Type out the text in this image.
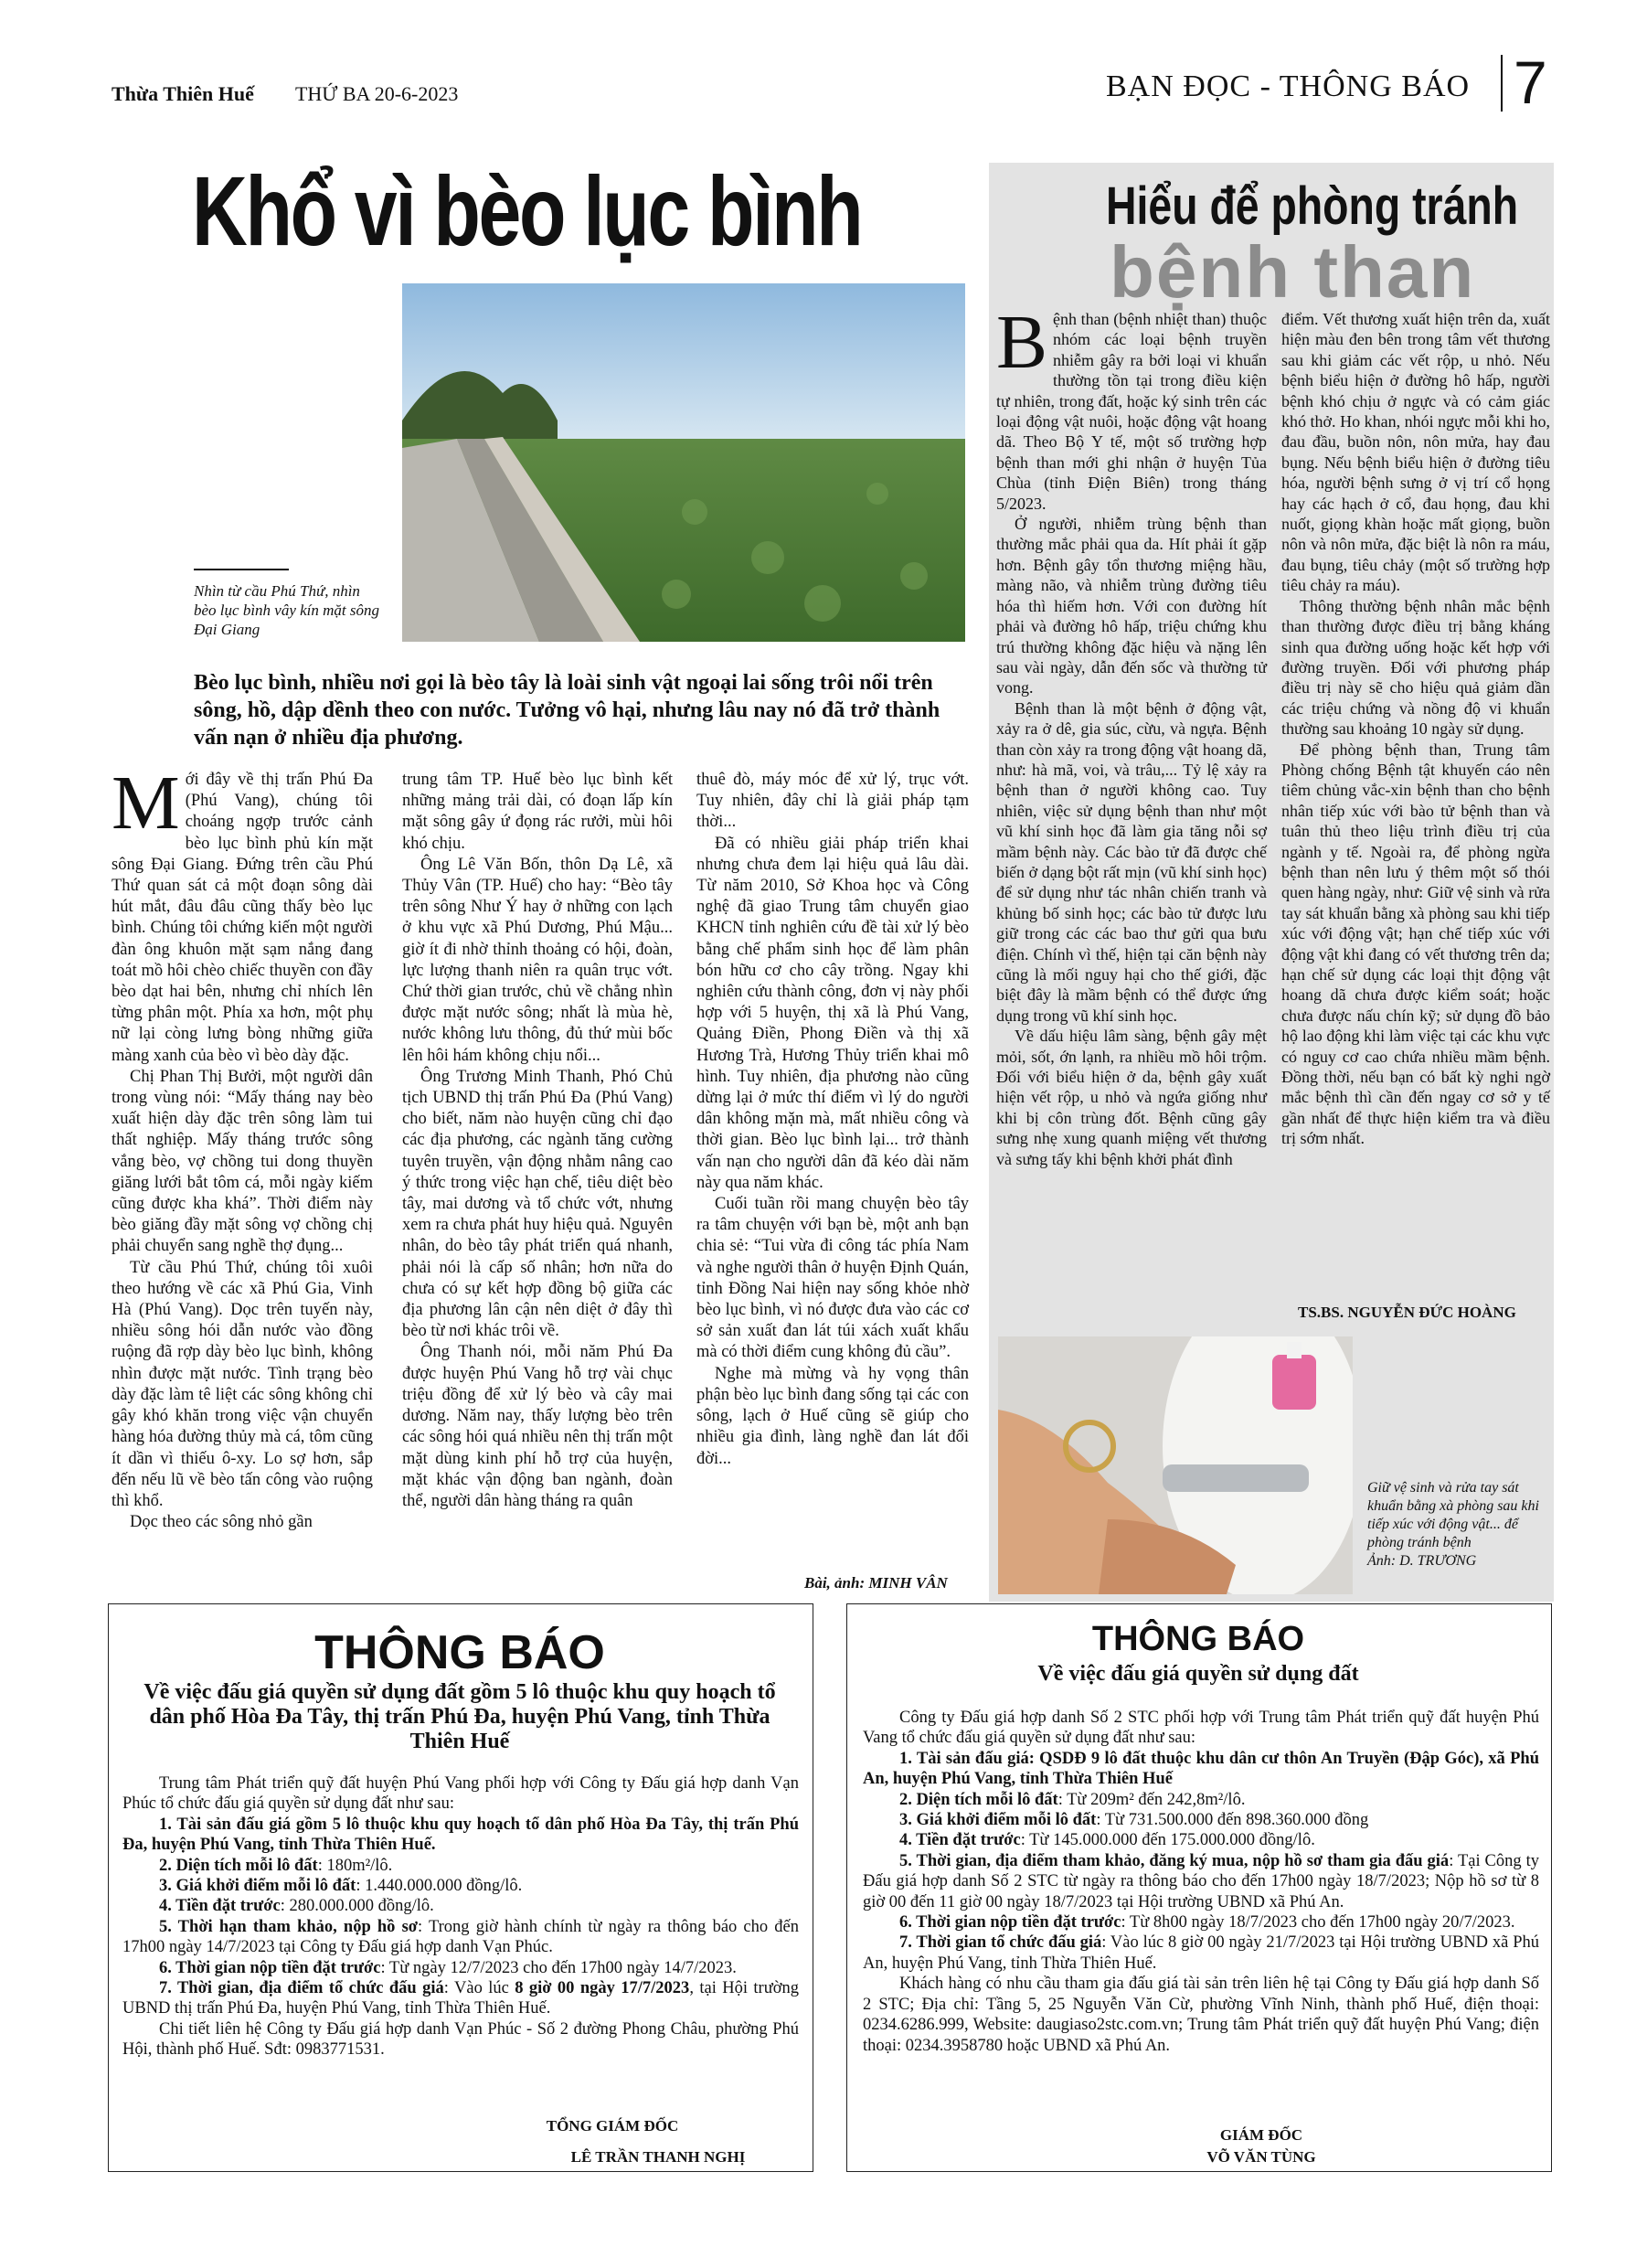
Thừa Thiên Huế THỨ BA 20-6-2023	BẠN ĐỌC - THÔNG BÁO 7
Khổ vì bèo lục bình
Nhìn từ cầu Phú Thứ, nhìn bèo lục bình vây kín mặt sông Đại Giang
Bèo lục bình, nhiều nơi gọi là bèo tây là loài sinh vật ngoại lai sống trôi nổi trên sông, hồ, dập dềnh theo con nước. Tưởng vô hại, nhưng lâu nay nó đã trở thành vấn nạn ở nhiều địa phương.

Mới đây về thị trấn Phú Đa (Phú Vang), chúng tôi choáng ngợp trước cảnh bèo lục bình phủ kín mặt sông Đại Giang. Đứng trên cầu Phú Thứ quan sát cả một đoạn sông dài hút mắt, đâu đâu cũng thấy bèo lục bình. Chúng tôi chứng kiến một người đàn ông khuôn mặt sạm nắng đang toát mồ hôi chèo chiếc thuyền con đầy bèo dạt hai bên, nhưng chỉ nhích lên từng phân một. Phía xa hơn, một phụ nữ lại còng lưng bòng những giữa màng xanh của bèo vì bèo dày đặc.

Chị Phan Thị Bưởi, một người dân trong vùng nói: “Mấy tháng nay bèo xuất hiện dày đặc trên sông làm tui thất nghiệp. Mấy tháng trước sông vắng bèo, vợ chồng tui dong thuyền giăng lưới bắt tôm cá, mỗi ngày kiếm cũng được kha khá”. Thời điểm này bèo giăng đầy mặt sông vợ chồng chị phải chuyển sang nghề thợ đụng...

Từ cầu Phú Thứ, chúng tôi xuôi theo hướng về các xã Phú Gia, Vinh Hà (Phú Vang). Dọc trên tuyến này, nhiều sông hói dẫn nước vào đồng ruộng đã rợp dày bèo lục bình, không nhìn được mặt nước. Tình trạng bèo dày đặc làm tê liệt các sông không chỉ gây khó khăn trong việc vận chuyển hàng hóa đường thủy mà cá, tôm cũng ít dần vì thiếu ô-xy. Lo sợ hơn, sắp đến nếu lũ về bèo tấn công vào ruộng thì khổ.

Dọc theo các sông nhỏ gần

trung tâm TP. Huế bèo lục bình kết những mảng trải dài, có đoạn lấp kín mặt sông gây ứ đọng rác rưởi, mùi hôi khó chịu.

Ông Lê Văn Bốn, thôn Dạ Lê, xã Thủy Vân (TP. Huế) cho hay: “Bèo tây trên sông Như Ý hay ở những con lạch ở khu vực xã Phú Dương, Phú Mậu... giờ ít đi nhờ thỉnh thoảng có hội, đoàn, lực lượng thanh niên ra quân trục vớt. Chứ thời gian trước, chủ về chẳng nhìn được mặt nước sông; nhất là mùa hè, nước không lưu thông, đủ thứ mùi bốc lên hôi hám không chịu nổi...

Ông Trương Minh Thanh, Phó Chủ tịch UBND thị trấn Phú Đa (Phú Vang) cho biết, năm nào huyện cũng chỉ đạo các địa phương, các ngành tăng cường tuyên truyền, vận động nhằm nâng cao ý thức trong việc hạn chế, tiêu diệt bèo tây, mai dương và tổ chức vớt, nhưng xem ra chưa phát huy hiệu quả. Nguyên nhân, do bèo tây phát triển quá nhanh, phải nói là cấp số nhân; hơn nữa do chưa có sự kết hợp đồng bộ giữa các địa phương lân cận nên diệt ở đây thì bèo từ nơi khác trôi về.

Ông Thanh nói, mỗi năm Phú Đa được huyện Phú Vang hỗ trợ vài chục triệu đồng để xử lý bèo và cây mai dương. Năm nay, thấy lượng bèo trên các sông hói quá nhiều nên thị trấn một mặt dùng kinh phí hỗ trợ của huyện, mặt khác vận động ban ngành, đoàn thể, người dân hàng tháng ra quân

thuê đò, máy móc để xử lý, trục vớt. Tuy nhiên, đây chỉ là giải pháp tạm thời...

Đã có nhiều giải pháp triển khai nhưng chưa đem lại hiệu quả lâu dài. Từ năm 2010, Sở Khoa học và Công nghệ đã giao Trung tâm chuyển giao KHCN tỉnh nghiên cứu đề tài xử lý bèo bằng chế phẩm sinh học để làm phân bón hữu cơ cho cây trồng. Ngay khi nghiên cứu thành công, đơn vị này phối hợp với 5 huyện, thị xã là Phú Vang, Quảng Điền, Phong Điền và thị xã Hương Trà, Hương Thủy triển khai mô hình. Tuy nhiên, địa phương nào cũng dừng lại ở mức thí điểm vì lý do người dân không mặn mà, mất nhiều công và thời gian. Bèo lục bình lại... trở thành vấn nạn cho người dân đã kéo dài năm này qua năm khác.

Cuối tuần rồi mang chuyện bèo tây ra tâm chuyện với bạn bè, một anh bạn chia sẻ: “Tui vừa đi công tác phía Nam và nghe người thân ở huyện Định Quán, tỉnh Đồng Nai hiện nay sống khỏe nhờ bèo lục bình, vì nó được đưa vào các cơ sở sản xuất đan lát túi xách xuất khẩu mà có thời điểm cung không đủ cầu”.

Nghe mà mừng và hy vọng thân phận bèo lục bình đang sống tại các con sông, lạch ở Huế cũng sẽ giúp cho nhiều gia đình, làng nghề đan lát đổi đời...

Bài, ảnh: MINH VÂN
Hiểu để phòng tránh
bệnh than

Bệnh than (bệnh nhiệt than) thuộc nhóm các loại bệnh truyền nhiễm gây ra bởi loại vi khuẩn thường tồn tại trong điều kiện tự nhiên, trong đất, hoặc ký sinh trên các loại động vật nuôi, hoặc động vật hoang dã. Theo Bộ Y tế, một số trường hợp bệnh than mới ghi nhận ở huyện Tủa Chùa (tỉnh Điện Biên) trong tháng 5/2023.

Ở người, nhiễm trùng bệnh than thường mắc phải qua da. Hít phải ít gặp hơn. Bệnh gây tổn thương miệng hầu, màng não, và nhiễm trùng đường tiêu hóa thì hiếm hơn. Với con đường hít phải và đường hô hấp, triệu chứng khu trú thường không đặc hiệu và nặng lên sau vài ngày, dẫn đến sốc và thường tử vong.

Bệnh than là một bệnh ở động vật, xảy ra ở dê, gia súc, cừu, và ngựa. Bệnh than còn xảy ra trong động vật hoang dã, như: hà mã, voi, và trâu,... Tỷ lệ xảy ra bệnh than ở người không cao. Tuy nhiên, việc sử dụng bệnh than như một vũ khí sinh học đã làm gia tăng nỗi sợ mầm bệnh này. Các bào tử đã được chế biến ở dạng bột rất mịn (vũ khí sinh học) để sử dụng như tác nhân chiến tranh và khủng bố sinh học; các bào tử được lưu giữ trong các các bao thư gửi qua bưu điện. Chính vì thế, hiện tại căn bệnh này cũng là mối nguy hại cho thế giới, đặc biệt đây là mầm bệnh có thể được ứng dụng trong vũ khí sinh học.

Về dấu hiệu lâm sàng, bệnh gây mệt mỏi, sốt, ớn lạnh, ra nhiều mồ hôi trộm. Đối với biểu hiện ở da, bệnh gây xuất hiện vết rộp, u nhỏ và ngứa giống như khi bị côn trùng đốt. Bệnh cũng gây sưng nhẹ xung quanh miệng vết thương và sưng tấy khi bệnh khởi phát đình

điểm. Vết thương xuất hiện trên da, xuất hiện màu đen bên trong tâm vết thương sau khi giảm các vết rộp, u nhỏ. Nếu bệnh biểu hiện ở đường hô hấp, người bệnh khó chịu ở ngực và có cảm giác khó thở. Ho khan, nhói ngực mỗi khi ho, đau đầu, buồn nôn, nôn mửa, hay đau bụng. Nếu bệnh biểu hiện ở đường tiêu hóa, người bệnh sưng ở vị trí cổ họng hay các hạch ở cổ, đau họng, đau khi nuốt, giọng khàn hoặc mất giọng, buồn nôn và nôn mửa, đặc biệt là nôn ra máu, đau bụng, tiêu chảy (một số trường hợp tiêu chảy ra máu).

Thông thường bệnh nhân mắc bệnh than thường được điều trị bằng kháng sinh qua đường uống hoặc kết hợp với đường truyền. Đối với phương pháp điều trị này sẽ cho hiệu quả giảm dần các triệu chứng và nồng độ vi khuẩn thường sau khoảng 10 ngày sử dụng.

Để phòng bệnh than, Trung tâm Phòng chống Bệnh tật khuyến cáo nên tiêm chủng vắc-xin bệnh than cho bệnh nhân tiếp xúc với bào tử bệnh than và tuân thủ theo liệu trình điều trị của ngành y tế. Ngoài ra, để phòng ngừa bệnh than nên lưu ý thêm một số thói quen hàng ngày, như: Giữ vệ sinh và rửa tay sát khuẩn bằng xà phòng sau khi tiếp xúc với động vật; hạn chế tiếp xúc với động vật khi đang có vết thương trên da; hạn chế sử dụng các loại thịt động vật hoang dã chưa được kiểm soát; hoặc chưa được nấu chín kỹ; sử dụng đồ bảo hộ lao động khi làm việc tại các khu vực có nguy cơ cao chứa nhiều mầm bệnh. Đồng thời, nếu bạn có bất kỳ nghi ngờ mắc bệnh thì cần đến ngay cơ sở y tế gần nhất để thực hiện kiểm tra và điều trị sớm nhất.

TS.BS. NGUYỄN ĐỨC HOÀNG
Giữ vệ sinh và rửa tay sát khuẩn bằng xà phòng sau khi tiếp xúc với động vật... để phòng tránh bệnh
Ảnh: D. TRƯƠNG
THÔNG BÁO
Về việc đấu giá quyền sử dụng đất gồm 5 lô thuộc khu quy hoạch tổ dân phố Hòa Đa Tây, thị trấn Phú Đa, huyện Phú Vang, tỉnh Thừa Thiên Huế

Trung tâm Phát triển quỹ đất huyện Phú Vang phối hợp với Công ty Đấu giá hợp danh Vạn Phúc tổ chức đấu giá quyền sử dụng đất như sau:

1. Tài sản đấu giá gồm 5 lô thuộc khu quy hoạch tổ dân phố Hòa Đa Tây, thị trấn Phú Đa, huyện Phú Vang, tỉnh Thừa Thiên Huế.

2. Diện tích mỗi lô đất: 180m²/lô.

3. Giá khởi điểm mỗi lô đất: 1.440.000.000 đồng/lô.

4. Tiền đặt trước: 280.000.000 đồng/lô.

5. Thời hạn tham khảo, nộp hồ sơ: Trong giờ hành chính từ ngày ra thông báo cho đến 17h00 ngày 14/7/2023 tại Công ty Đấu giá hợp danh Vạn Phúc.

6. Thời gian nộp tiền đặt trước: Từ ngày 12/7/2023 cho đến 17h00 ngày 14/7/2023.

7. Thời gian, địa điểm tổ chức đấu giá: Vào lúc 8 giờ 00 ngày 17/7/2023, tại Hội trường UBND thị trấn Phú Đa, huyện Phú Vang, tỉnh Thừa Thiên Huế.

Chi tiết liên hệ Công ty Đấu giá hợp danh Vạn Phúc - Số 2 đường Phong Châu, phường Phú Hội, thành phố Huế. Sđt: 0983771531.

TỔNG GIÁM ĐỐC
LÊ TRẦN THANH NGHỊ
THÔNG BÁO
Về việc đấu giá quyền sử dụng đất

Công ty Đấu giá hợp danh Số 2 STC phối hợp với Trung tâm Phát triển quỹ đất huyện Phú Vang tổ chức đấu giá quyền sử dụng đất như sau:

1. Tài sản đấu giá: QSDĐ 9 lô đất thuộc khu dân cư thôn An Truyền (Đập Góc), xã Phú An, huyện Phú Vang, tỉnh Thừa Thiên Huế

2. Diện tích mỗi lô đất: Từ 209m² đến 242,8m²/lô.

3. Giá khởi điểm mỗi lô đất: Từ 731.500.000 đến 898.360.000 đồng

4. Tiền đặt trước: Từ 145.000.000 đến 175.000.000 đồng/lô.

5. Thời gian, địa điểm tham khảo, đăng ký mua, nộp hồ sơ tham gia đấu giá: Tại Công ty Đấu giá hợp danh Số 2 STC từ ngày ra thông báo cho đến 17h00 ngày 18/7/2023; Nộp hồ sơ từ 8 giờ 00 đến 11 giờ 00 ngày 18/7/2023 tại Hội trường UBND xã Phú An.

6. Thời gian nộp tiền đặt trước: Từ 8h00 ngày 18/7/2023 cho đến 17h00 ngày 20/7/2023.

7. Thời gian tổ chức đấu giá: Vào lúc 8 giờ 00 ngày 21/7/2023 tại Hội trường UBND xã Phú An, huyện Phú Vang, tỉnh Thừa Thiên Huế.

Khách hàng có nhu cầu tham gia đấu giá tài sản trên liên hệ tại Công ty Đấu giá hợp danh Số 2 STC; Địa chỉ: Tầng 5, 25 Nguyễn Văn Cừ, phường Vĩnh Ninh, thành phố Huế, điện thoại: 0234.6286.999, Website: daugiaso2stc.com.vn; Trung tâm Phát triển quỹ đất huyện Phú Vang; điện thoại: 0234.3958780 hoặc UBND xã Phú An.

GIÁM ĐỐC
VÕ VĂN TÙNG
